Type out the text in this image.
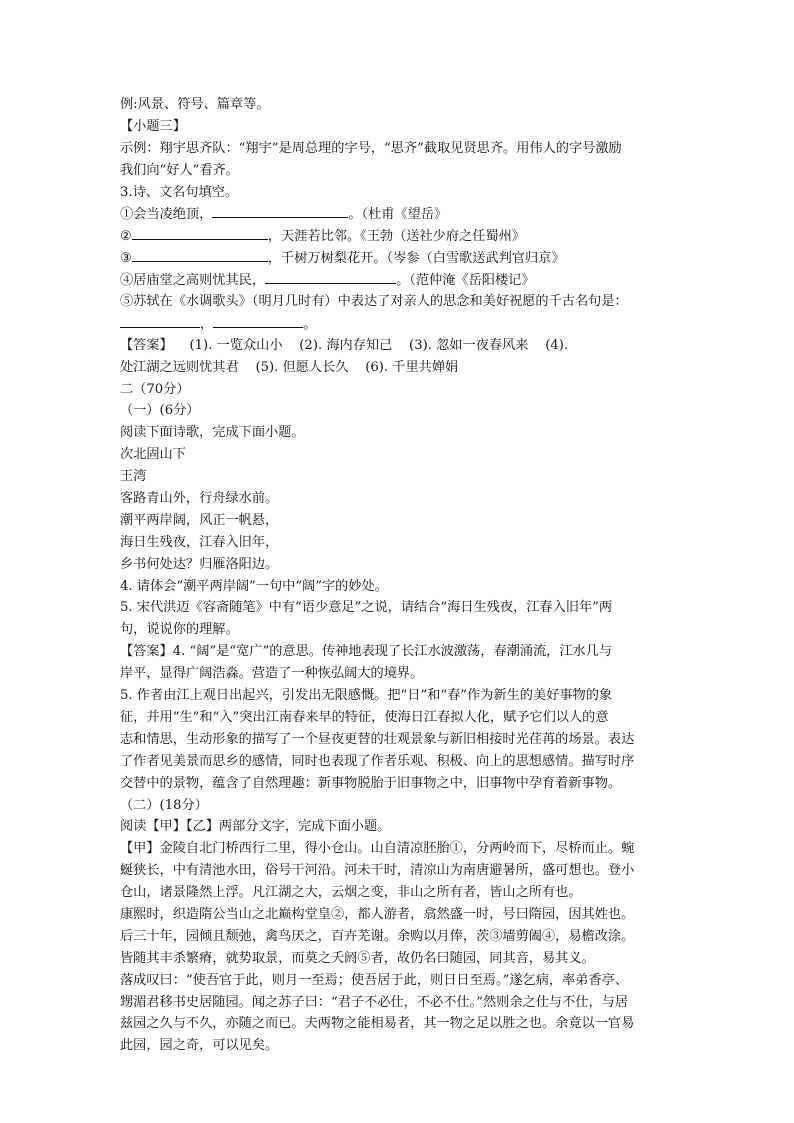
例:风景、符号、篇章等。
【小题三】
示例：翔宇思齐队：“翔宇”是周总理的字号，“思齐”截取见贤思齐。用伟人的字号激励
我们向“好人”看齐。
3.诗、文名句填空。
①会当凌绝顶，	。（杜甫《望岳》
②	，天涯若比邻。《王勃（送社少府之任蜀州》
③	，千树万树梨花开。（岑参（白雪歌送武判官归京》
④居庙堂之高则忧其民，	。（范仲淹《岳阳楼记》
⑤苏轼在《水调歌头》（明月几时有）中表达了对亲人的思念和美好祝愿的千古名句是：
，	。
【答案】    (1). 一览众山小    (2). 海内存知己    (3). 忽如一夜春风来    (4).
处江湖之远则忧其君    (5). 但愿人长久    (6). 千里共婵娟
二（70分）
（一）(6分）
阅读下面诗歌，完成下面小题。
次北固山下
王湾
客路青山外，行舟绿水前。
潮平两岸阔，风正一帆悬，
海日生残夜，江春入旧年，
乡书何处达？归雁洛阳边。
4. 请体会“潮平两岸阔”一句中“阔”字的妙处。
5. 宋代洪迈《容斋随笔》中有“语少意足”之说，请结合“海日生残夜，江春入旧年”两
句，说说你的理解。
【答案】4. “阔”是“宽广”的意思。传神地表现了长江水波激荡，春潮涌流，江水几与
岸平，显得广阔浩淼。营造了一种恢弘阔大的境界。
5. 作者由江上观日出起兴，引发出无限感慨。把“日”和“春”作为新生的美好事物的象
征，并用“生”和“入”突出江南春来早的特征，使海日江春拟人化，赋予它们以人的意
志和情思，生动形象的描写了一个昼夜更替的壮观景象与新旧相接时光荏苒的场景。表达
了作者见美景而思乡的感情，同时也表现了作者乐观、积极、向上的思想感情。描写时序
交替中的景物，蕴含了自然理趣：新事物脱胎于旧事物之中，旧事物中孕育着新事物。
（二）(18分）
阅读【甲】【乙】两部分文字，完成下面小题。
【甲】金陵自北门桥西行二里，得小仓山。山自清凉胚胎①，分两岭而下，尽桥而止。蜿
蜒狭长，中有清池水田，俗号干河沿。河未干时，清凉山为南唐避暑所，盛可想也。登小
仓山，诸景隆然上浮。凡江湖之大，云烟之变，非山之所有者，皆山之所有也。
康熙时，织造隋公当山之北巅构堂皇②，都人游者，翕然盛一时，号曰隋园，因其姓也。
后三十年，园倾且颓弛，禽鸟厌之，百卉芜谢。余购以月俸，茨③墙剪阖④，易檐改涂。
皆随其丰杀繁瘠，就势取景，而莫之夭阏⑤者，故仍名曰随园，同其音，易其义。
落成叹曰：“使吾官于此，则月一至焉；使吾居于此，则日日至焉。”遂乞病，率弟香亭、
甥湄君移书史居随园。闻之苏子曰：“君子不必仕，不必不仕。”然则余之仕与不仕，与居
兹园之久与不久，亦随之而已。夫两物之能相易者，其一物之足以胜之也。余竟以一官易
此园，园之奇，可以见矣。
